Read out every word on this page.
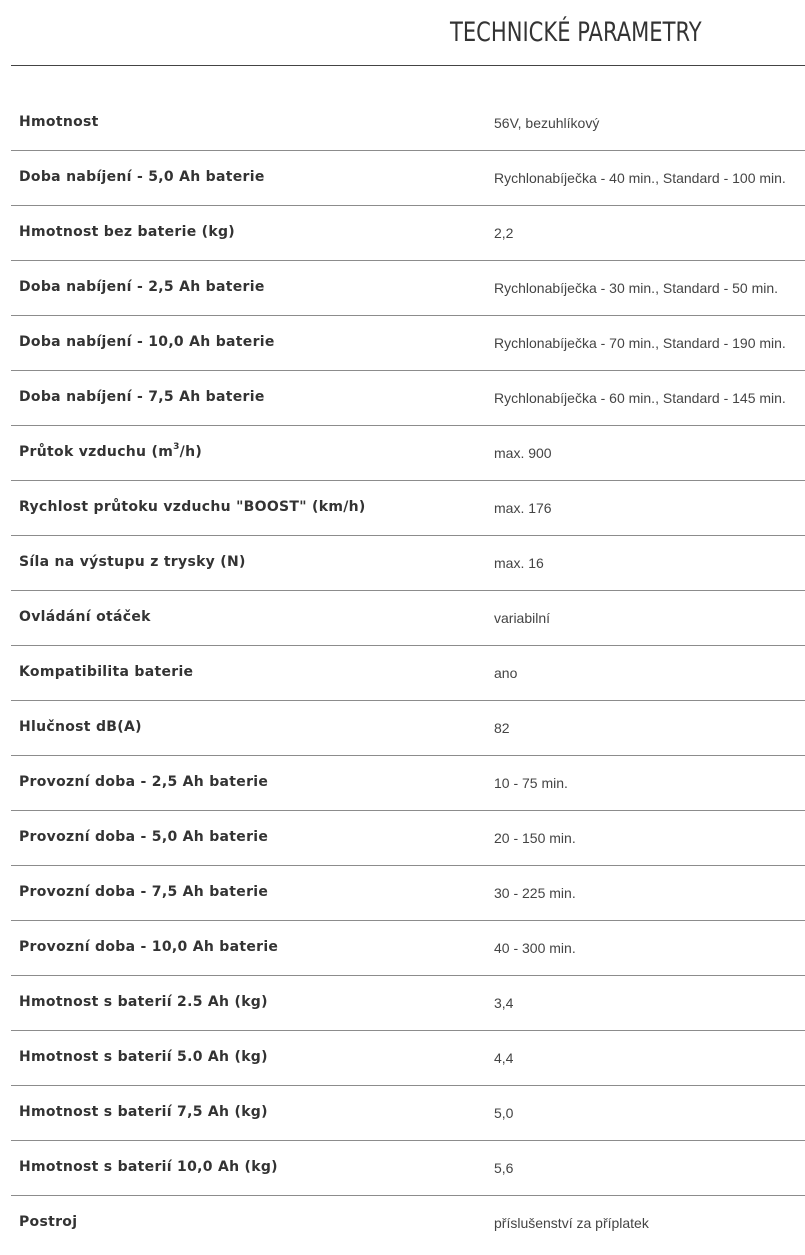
TECHNICKÉ PARAMETRY
Hmotnost	56V, bezuhlíkový
Doba nabíjení - 5,0 Ah baterie	Rychlonabíječka - 40 min., Standard - 100 min.
Hmotnost bez baterie (kg)	2,2
Doba nabíjení - 2,5 Ah baterie	Rychlonabíječka - 30 min., Standard - 50 min.
Doba nabíjení - 10,0 Ah baterie	Rychlonabíječka - 70 min., Standard - 190 min.
Doba nabíjení - 7,5 Ah baterie	Rychlonabíječka - 60 min., Standard - 145 min.
Průtok vzduchu $(m^3/h)$	max. 900
Rychlost průtoku vzduchu "BOOST" (km/h)	max. 176
Síla na výstupu z trysky (N)	max. 16
Ovládání otáček	variabilní
Kompatibilita baterie	ano
Hlučnost dB(A)	82
Provozní doba - 2,5 Ah baterie	10 - 75 min.
Provozní doba - 5,0 Ah baterie	20 - 150 min.
Provozní doba - 7,5 Ah baterie	30 - 225 min.
Provozní doba - 10,0 Ah baterie	40 - 300 min.
Hmotnost s baterií 2.5 Ah (kg)	3,4
Hmotnost s baterií 5.0 Ah (kg)	4,4
Hmotnost s baterií 7,5 Ah (kg)	5,0
Hmotnost s baterií 10,0 Ah (kg)	5,6
Postroj	příslušenství za příplatek
